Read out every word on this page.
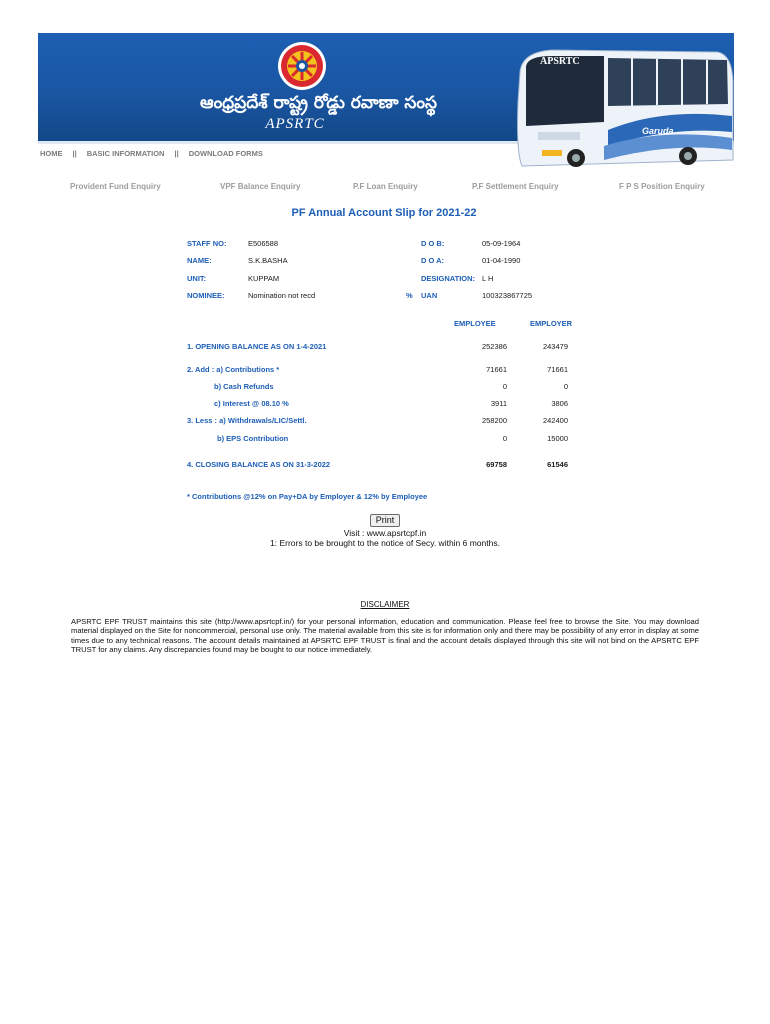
ఆంధ్రప్రదేశ్ రాష్ట్ర రోడ్డు రవాణా సంస్థ
APSRTC
APSRTC
Garuda
HOME || BASIC INFORMATION || DOWNLOAD FORMS
Provident Fund Enquiry	VPF Balance Enquiry	P.F Loan Enquiry	P.F Settlement Enquiry	F P S Position Enquiry
PF Annual Account Slip for 2021-22
STAFF NO:	E506588	D O B:	05-09-1964
NAME:	S.K.BASHA	D O A:	01-04-1990
UNIT:	KUPPAM	DESIGNATION: L H
NOMINEE:	Nomination not recd	% UAN	100323867725
EMPLOYEE	EMPLOYER
1. OPENING BALANCE AS ON 1-4-2021	252386	243479
2. Add : a) Contributions *	71661	71661
b) Cash Refunds	0	0
c) Interest @ 08.10 %	3911	3806
3. Less : a) Withdrawals/LIC/Settl.	258200	242400
b) EPS Contribution	0	15000
4. CLOSING BALANCE AS ON 31-3-2022	69758	61546
* Contributions @12% on Pay+DA by Employer & 12% by Employee
Print
Visit : www.apsrtcpf.in
1: Errors to be brought to the notice of Secy. within 6 months.
DISCLAIMER
APSRTC EPF TRUST maintains this site (http://www.apsrtcpf.in/) for your personal information, education and communication. Please feel free to browse the Site. You may download material displayed on the Site for noncommercial, personal use only. The material available from this site is for information only and there may be possibility of any error in display at some times due to any technical reasons. The account details maintained at APSRTC EPF TRUST is final and the account details displayed through this site will not bind on the APSRTC EPF TRUST for any claims. Any discrepancies found may be bought to our notice immediately.
